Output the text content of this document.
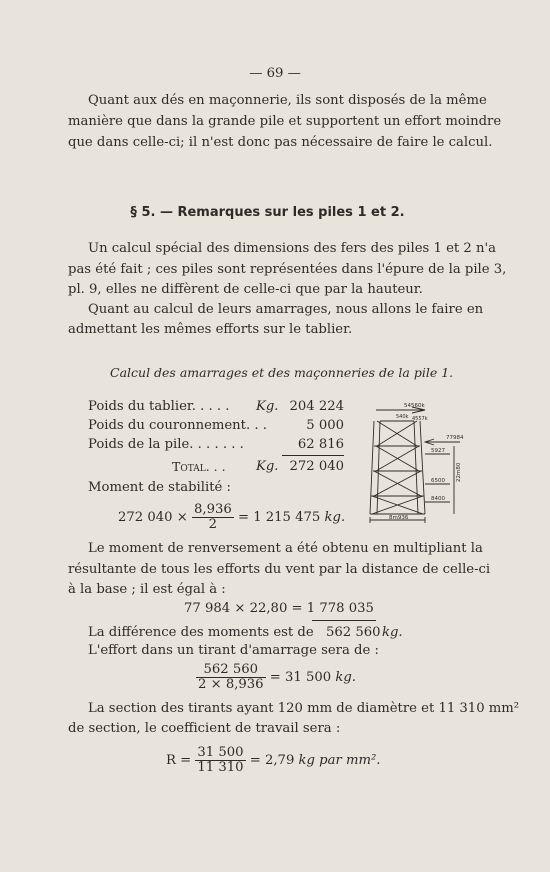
— 69 —
Quant aux dés en maçonnerie, ils sont disposés de la même
manière que dans la grande pile et supportent un effort moindre
que dans celle-ci; il n'est donc pas nécessaire de faire le calcul.
§ 5. — Remarques sur les piles 1 et 2.
Un calcul spécial des dimensions des fers des piles 1 et 2 n'a
pas été fait ; ces piles sont représentées dans l'épure de la pile 3,
pl. 9, elles ne diffèrent de celle-ci que par la hauteur.
Quant au calcul de leurs amarrages, nous allons le faire en
admettant les mêmes efforts sur le tablier.
Calcul des amarrages et des maçonneries de la pile 1.
Poids du tablier. . . . . Kg. 204 224
Poids du couronnement. . .	5 000
Poids de la pile. . . . . . .	62 816
Total. . . Kg. 272 040
Moment de stabilité :
272 $040 \times \frac{8,936}{2} = 1$ 215 475 kg.
54560k
540k 4557k
77984
5927
6500
8400
22m80
8m936
Le moment de renversement a été obtenu en multipliant la
résultante de tous les efforts du vent par la distance de celle-ci
à la base ; il est égal à :
77 984 × 22,80 = 1 778 035
La différence des moments est de 562 560 kg.
L'effort dans un tirant d'amarrage sera de :
$\frac{562 560}{2 \times 8,936} = 31$ 500 kg.
La section des tirants ayant 120 mm de diamètre et 11 310 mm²
de section, le coefficient de travail sera :
$R = \frac{31 500}{11 310} = 2,79$ kg par mm².
